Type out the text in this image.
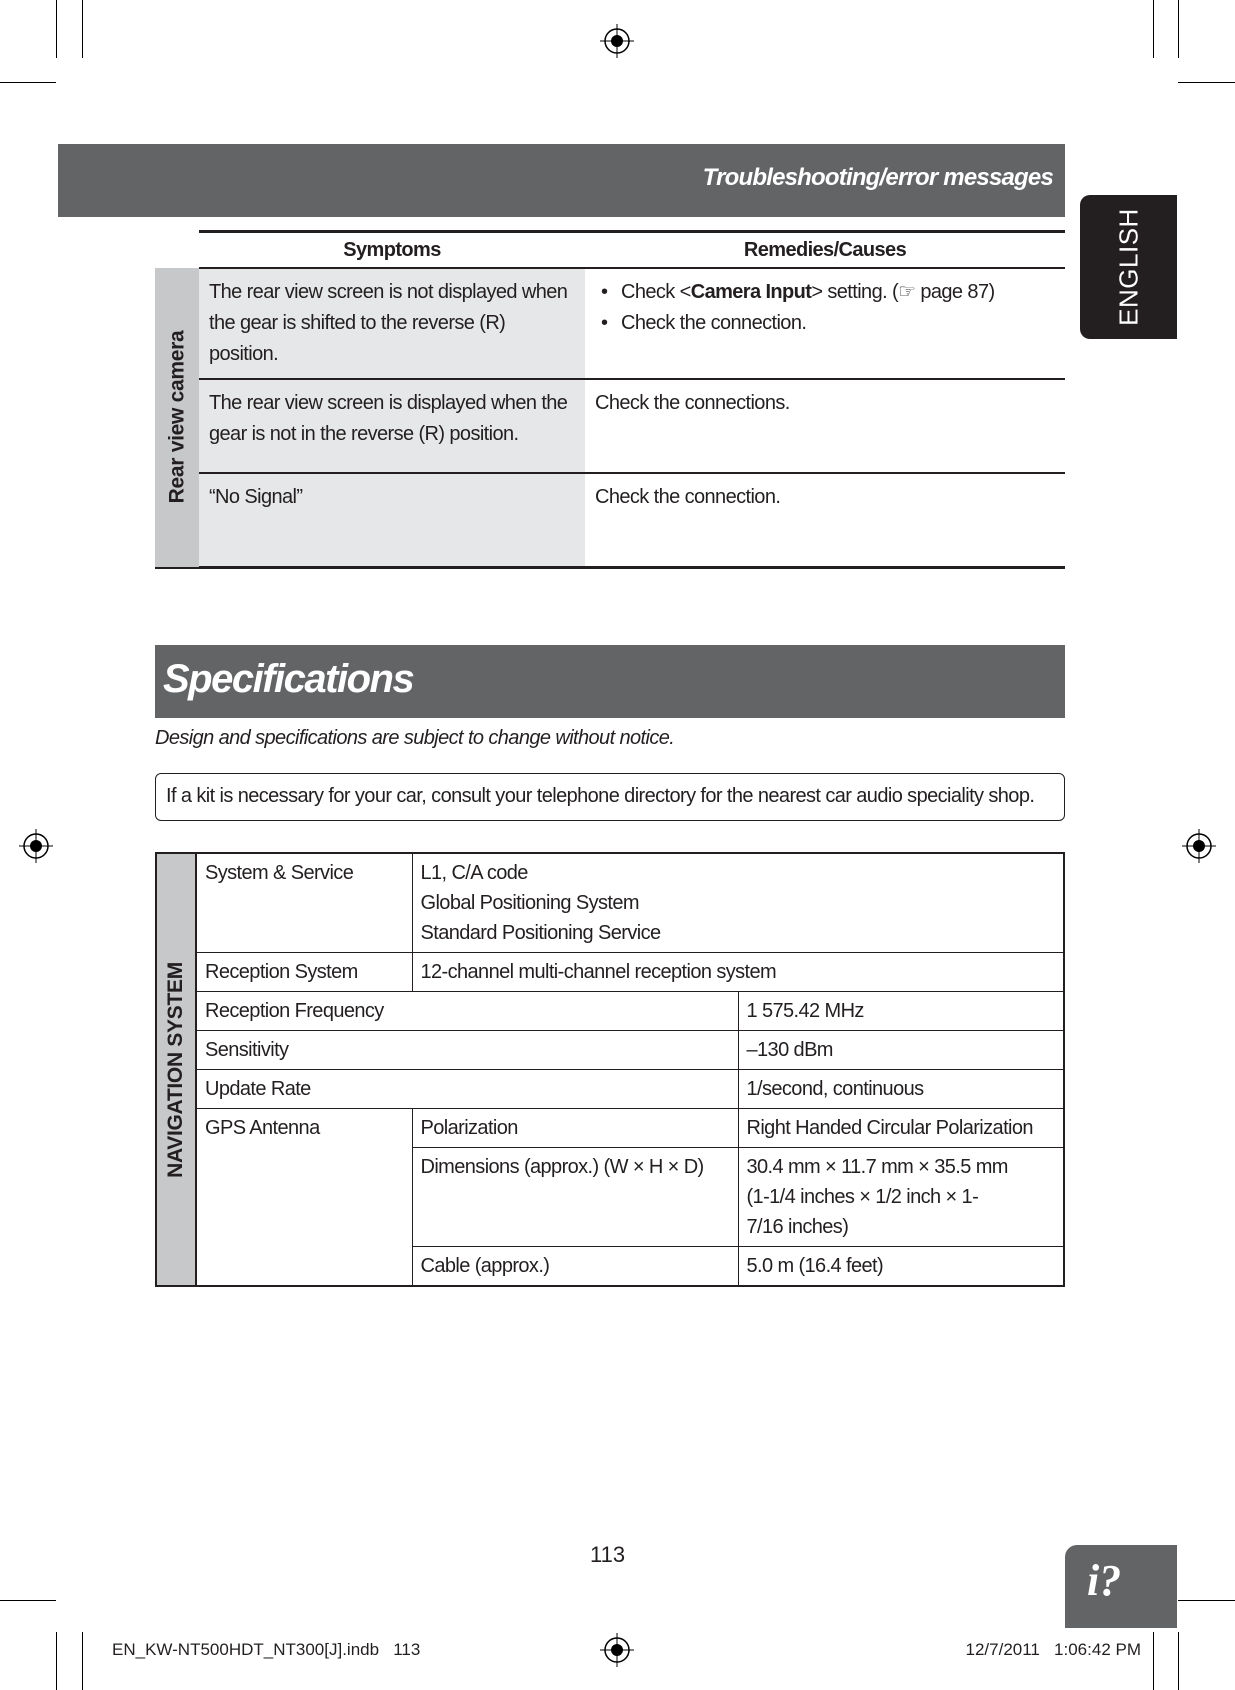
Troubleshooting/error messages
ENGLISH
	Symptoms	Remedies/Causes

Rear view camera	The rear view screen is not displayed when the gear is shifted to the reverse (R) position.	• Check <Camera Input> setting. (☞ page 87)
• Check the connection.

	The rear view screen is displayed when the gear is not in the reverse (R) position.	Check the connections.
	“No Signal”	Check the connection.
Specifications
Design and specifications are subject to change without notice.
If a kit is necessary for your car, consult your telephone directory for the nearest car audio speciality shop.
NAVIGATION SYSTEM	System & Service	L1, C/A code
Global Positioning System
Standard Positioning Service	

	Reception System	12-channel multi-channel reception system	
	Reception Frequency		1 575.42 MHz
	Sensitivity		–130 dBm
	Update Rate		1/second, continuous
	GPS Antenna	Polarization	Right Handed Circular Polarization
		Dimensions (approx.) (W × H × D)	30.4 mm × 11.7 mm × 35.5 mm
(1-1/4 inches × 1/2 inch × 1-
7/16 inches)

		Cable (approx.)	5.0 m (16.4 feet)
113
i?
EN_KW-NT500HDT_NT300[J].indb   113	12/7/2011   1:06:42 PM
